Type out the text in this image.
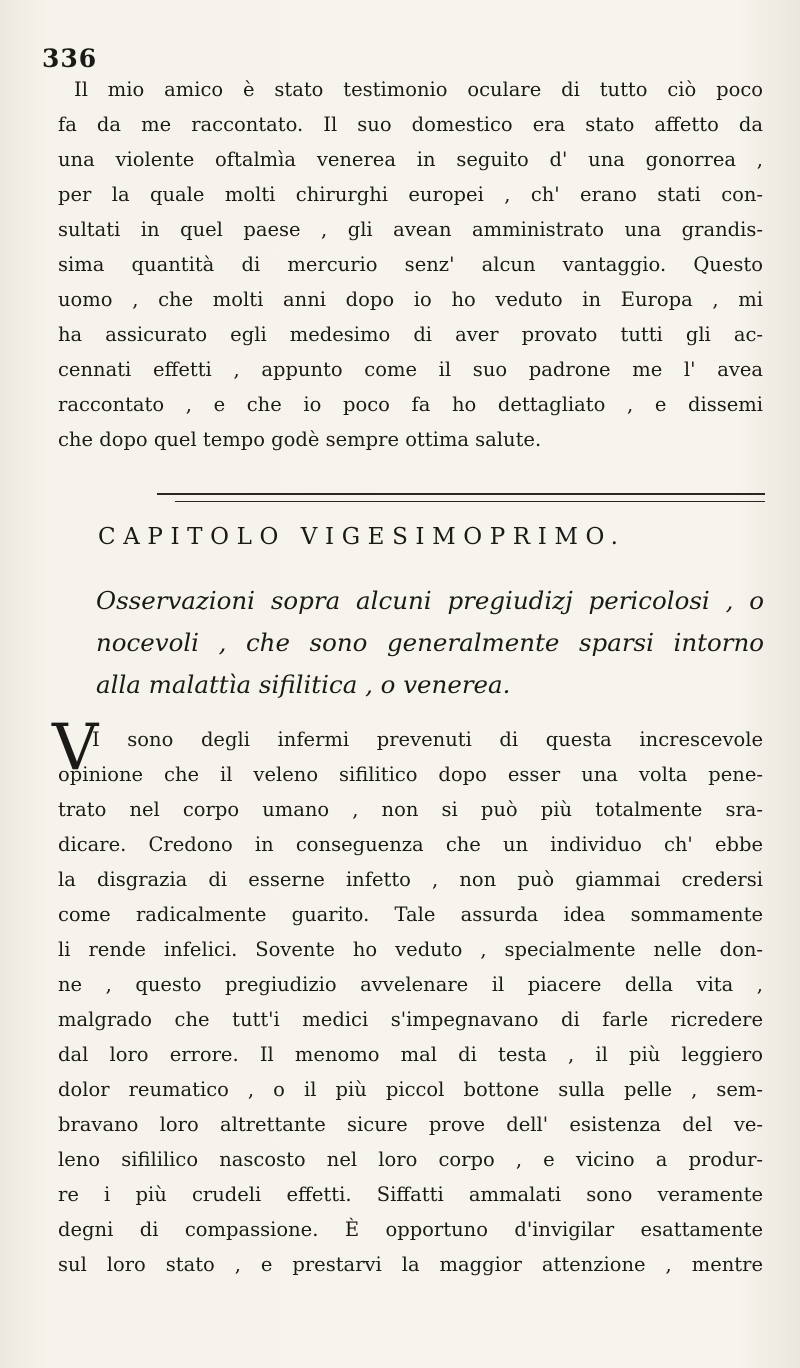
336
Il mio amico è stato testimonio oculare di tutto ciò poco
fa da me raccontato. Il suo domestico era stato affetto da
una violente oftalmìa venerea in seguito d' una gonorrea ,
per la quale molti chirurghi europei , ch' erano stati con-
sultati in quel paese , gli avean amministrato una grandis-
sima quantità di mercurio senz' alcun vantaggio. Questo
uomo , che molti anni dopo io ho veduto in Europa , mi
ha assicurato egli medesimo di aver provato tutti gli ac-
cennati effetti , appunto come il suo padrone me l' avea
raccontato , e che io poco fa ho dettagliato , e dissemi
che dopo quel tempo godè sempre ottima salute.
CAPITOLO VIGESIMOPRIMO.
Osservazioni sopra alcuni pregiudizj pericolosi , o
nocevoli , che sono generalmente sparsi intorno
alla malattìa sifilitica , o venerea.
V
I sono degli infermi prevenuti di questa increscevole
opinione che il veleno sifilitico dopo esser una volta pene-
trato nel corpo umano , non si può più totalmente sra-
dicare. Credono in conseguenza che un individuo ch' ebbe
la disgrazia di esserne infetto , non può giammai credersi
come radicalmente guarito. Tale assurda idea sommamente
li rende infelici. Sovente ho veduto , specialmente nelle don-
ne , questo pregiudizio avvelenare il piacere della vita ,
malgrado che tutt'i medici s'impegnavano di farle ricredere
dal loro errore. Il menomo mal di testa , il più leggiero
dolor reumatico , o il più piccol bottone sulla pelle , sem-
bravano loro altrettante sicure prove dell' esistenza del ve-
leno sifililico nascosto nel loro corpo , e vicino a produr-
re i più crudeli effetti. Siffatti ammalati sono veramente
degni di compassione. È opportuno d'invigilar esattamente
sul loro stato , e prestarvi la maggior attenzione , mentre
